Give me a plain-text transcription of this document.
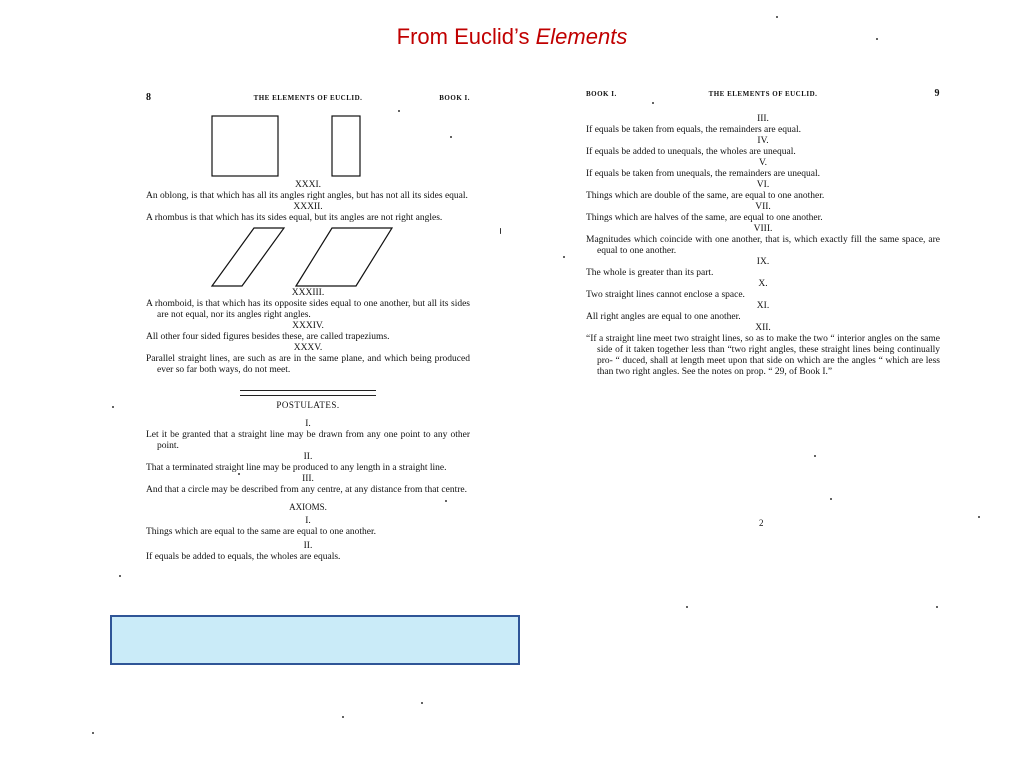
From Euclid’s Elements
8	THE ELEMENTS OF EUCLID.	BOOK I.
XXXI.
An oblong, is that which has all its angles right angles, but has not all its sides equal.
XXXII.
A rhombus is that which has its sides equal, but its angles are not right angles.
XXXIII.
A rhomboid, is that which has its opposite sides equal to one another, but all its sides are not equal, nor its angles right angles.
XXXIV.
All other four sided figures besides these, are called trapeziums.
XXXV.
Parallel straight lines, are such as are in the same plane, and which being produced ever so far both ways, do not meet.
POSTULATES.
I.
Let it be granted that a straight line may be drawn from any one point to any other point.
II.
That a terminated straight line may be produced to any length in a straight line.
III.
And that a circle may be described from any centre, at any distance from that centre.
AXIOMS.
I.
Things which are equal to the same are equal to one another.
II.
If equals be added to equals, the wholes are equals.
BOOK I.	THE ELEMENTS OF EUCLID.	9
III.
If equals be taken from equals, the remainders are equal.
IV.
If equals be added to unequals, the wholes are unequal.
V.
If equals be taken from unequals, the remainders are unequal.
VI.
Things which are double of the same, are equal to one another.
VII.
Things which are halves of the same, are equal to one another.
VIII.
Magnitudes which coincide with one another, that is, which exactly fill the same space, are equal to one another.
IX.
The whole is greater than its part.
X.
Two straight lines cannot enclose a space.
XI.
All right angles are equal to one another.
XII.
“If a straight line meet two straight lines, so as to make the two “ interior angles on the same side of it taken together less than “two right angles, these straight lines being continually pro- “ duced, shall at length meet upon that side on which are the angles “ which are less than two right angles. See the notes on prop. “ 29, of Book I.”
2
